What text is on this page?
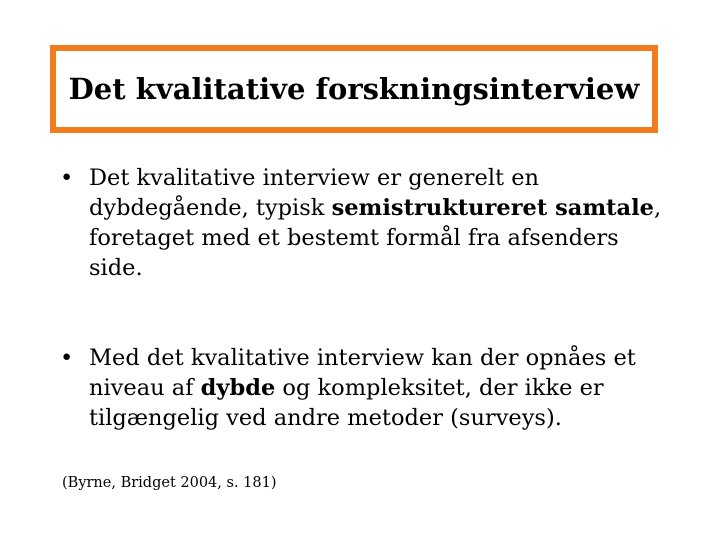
Det kvalitative forskningsinterview
• Det kvalitative interview er generelt en dybdegående, typisk semistruktureret samtale, foretaget med et bestemt formål fra afsenders side.
• Med det kvalitative interview kan der opnåes et niveau af dybde og kompleksitet, der ikke er tilgængelig ved andre metoder (surveys).
(Byrne, Bridget 2004, s. 181)
